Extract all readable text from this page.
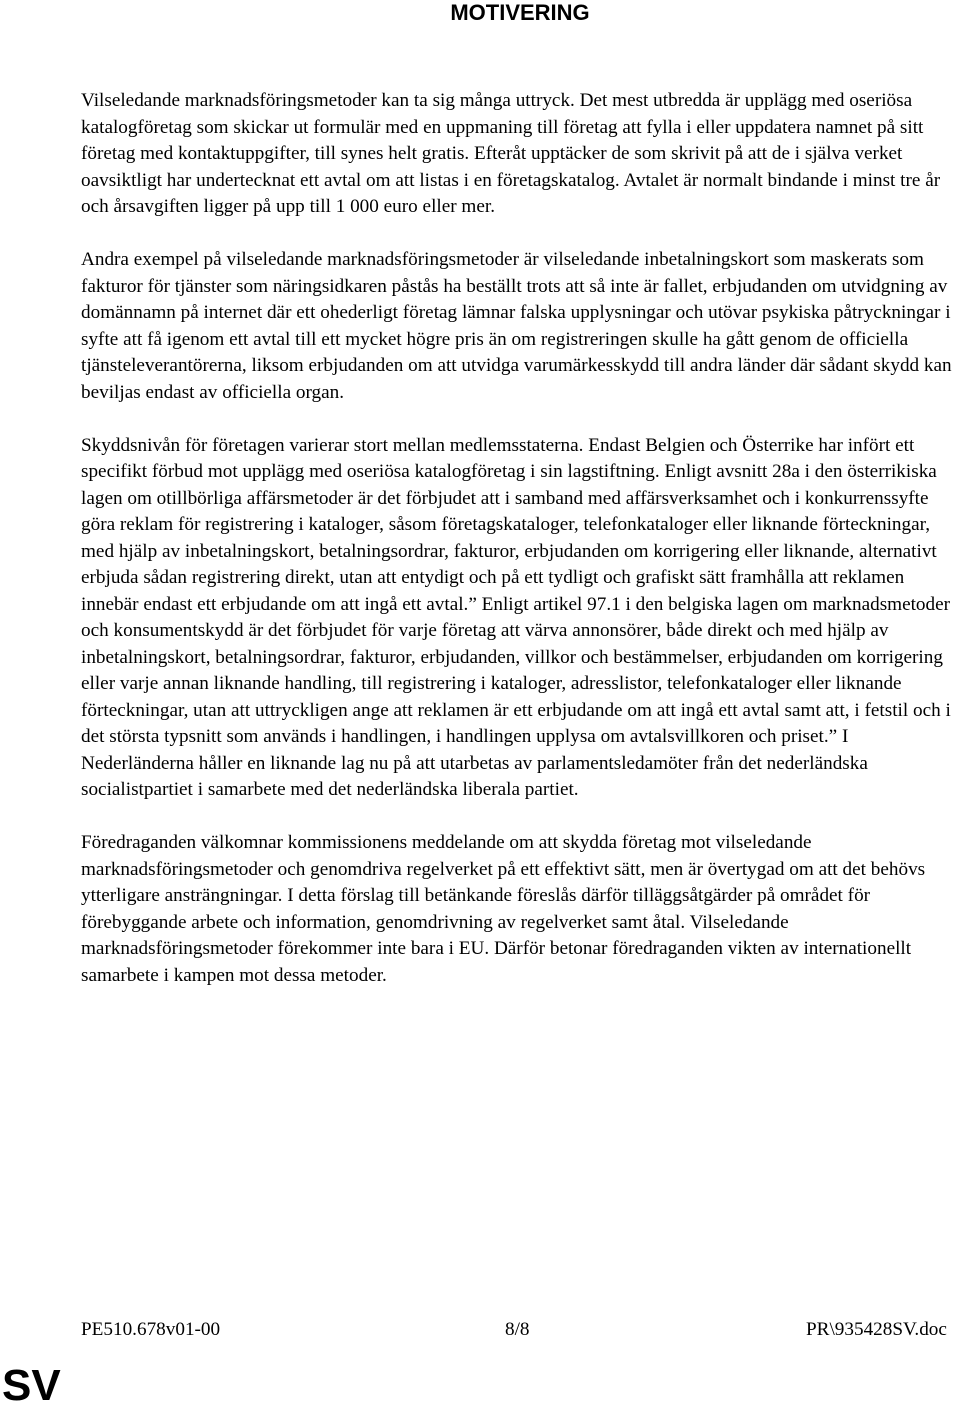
MOTIVERING

Vilseledande marknadsföringsmetoder kan ta sig många uttryck. Det mest utbredda är upplägg med oseriösa katalogföretag som skickar ut formulär med en uppmaning till företag att fylla i eller uppdatera namnet på sitt företag med kontaktuppgifter, till synes helt gratis. Efteråt upptäcker de som skrivit på att de i själva verket oavsiktligt har undertecknat ett avtal om att listas i en företagskatalog. Avtalet är normalt bindande i minst tre år och årsavgiften ligger på upp till 1 000 euro eller mer.

Andra exempel på vilseledande marknadsföringsmetoder är vilseledande inbetalningskort som maskerats som fakturor för tjänster som näringsidkaren påstås ha beställt trots att så inte är fallet, erbjudanden om utvidgning av domännamn på internet där ett ohederligt företag lämnar falska upplysningar och utövar psykiska påtryckningar i syfte att få igenom ett avtal till ett mycket högre pris än om registreringen skulle ha gått genom de officiella tjänsteleverantörerna, liksom erbjudanden om att utvidga varumärkesskydd till andra länder där sådant skydd kan beviljas endast av officiella organ.

Skyddsnivån för företagen varierar stort mellan medlemsstaterna. Endast Belgien och Österrike har infört ett specifikt förbud mot upplägg med oseriösa katalogföretag i sin lagstiftning. Enligt avsnitt 28a i den österrikiska lagen om otillbörliga affärsmetoder är det förbjudet att i samband med affärsverksamhet och i konkurrenssyfte göra reklam för registrering i kataloger, såsom företagskataloger, telefonkataloger eller liknande förteckningar, med hjälp av inbetalningskort, betalningsordrar, fakturor, erbjudanden om korrigering eller liknande, alternativt erbjuda sådan registrering direkt, utan att entydigt och på ett tydligt och grafiskt sätt framhålla att reklamen innebär endast ett erbjudande om att ingå ett avtal.” Enligt artikel 97.1 i den belgiska lagen om marknadsmetoder och konsumentskydd är det förbjudet för varje företag att värva annonsörer, både direkt och med hjälp av inbetalningskort, betalningsordrar, fakturor, erbjudanden, villkor och bestämmelser, erbjudanden om korrigering eller varje annan liknande handling, till registrering i kataloger, adresslistor, telefonkataloger eller liknande förteckningar, utan att uttryckligen ange att reklamen är ett erbjudande om att ingå ett avtal samt att, i fetstil och i det största typsnitt som används i handlingen, i handlingen upplysa om avtalsvillkoren och priset.” I Nederländerna håller en liknande lag nu på att utarbetas av parlamentsledamöter från det nederländska socialistpartiet i samarbete med det nederländska liberala partiet.

Föredraganden välkomnar kommissionens meddelande om att skydda företag mot vilseledande marknadsföringsmetoder och genomdriva regelverket på ett effektivt sätt, men är övertygad om att det behövs ytterligare ansträngningar. I detta förslag till betänkande föreslås därför tilläggsåtgärder på området för förebyggande arbete och information, genomdrivning av regelverket samt åtal. Vilseledande marknadsföringsmetoder förekommer inte bara i EU. Därför betonar föredraganden vikten av internationellt samarbete i kampen mot dessa metoder.

PE510.678v01-00	8/8	PR\935428SV.doc
SV
